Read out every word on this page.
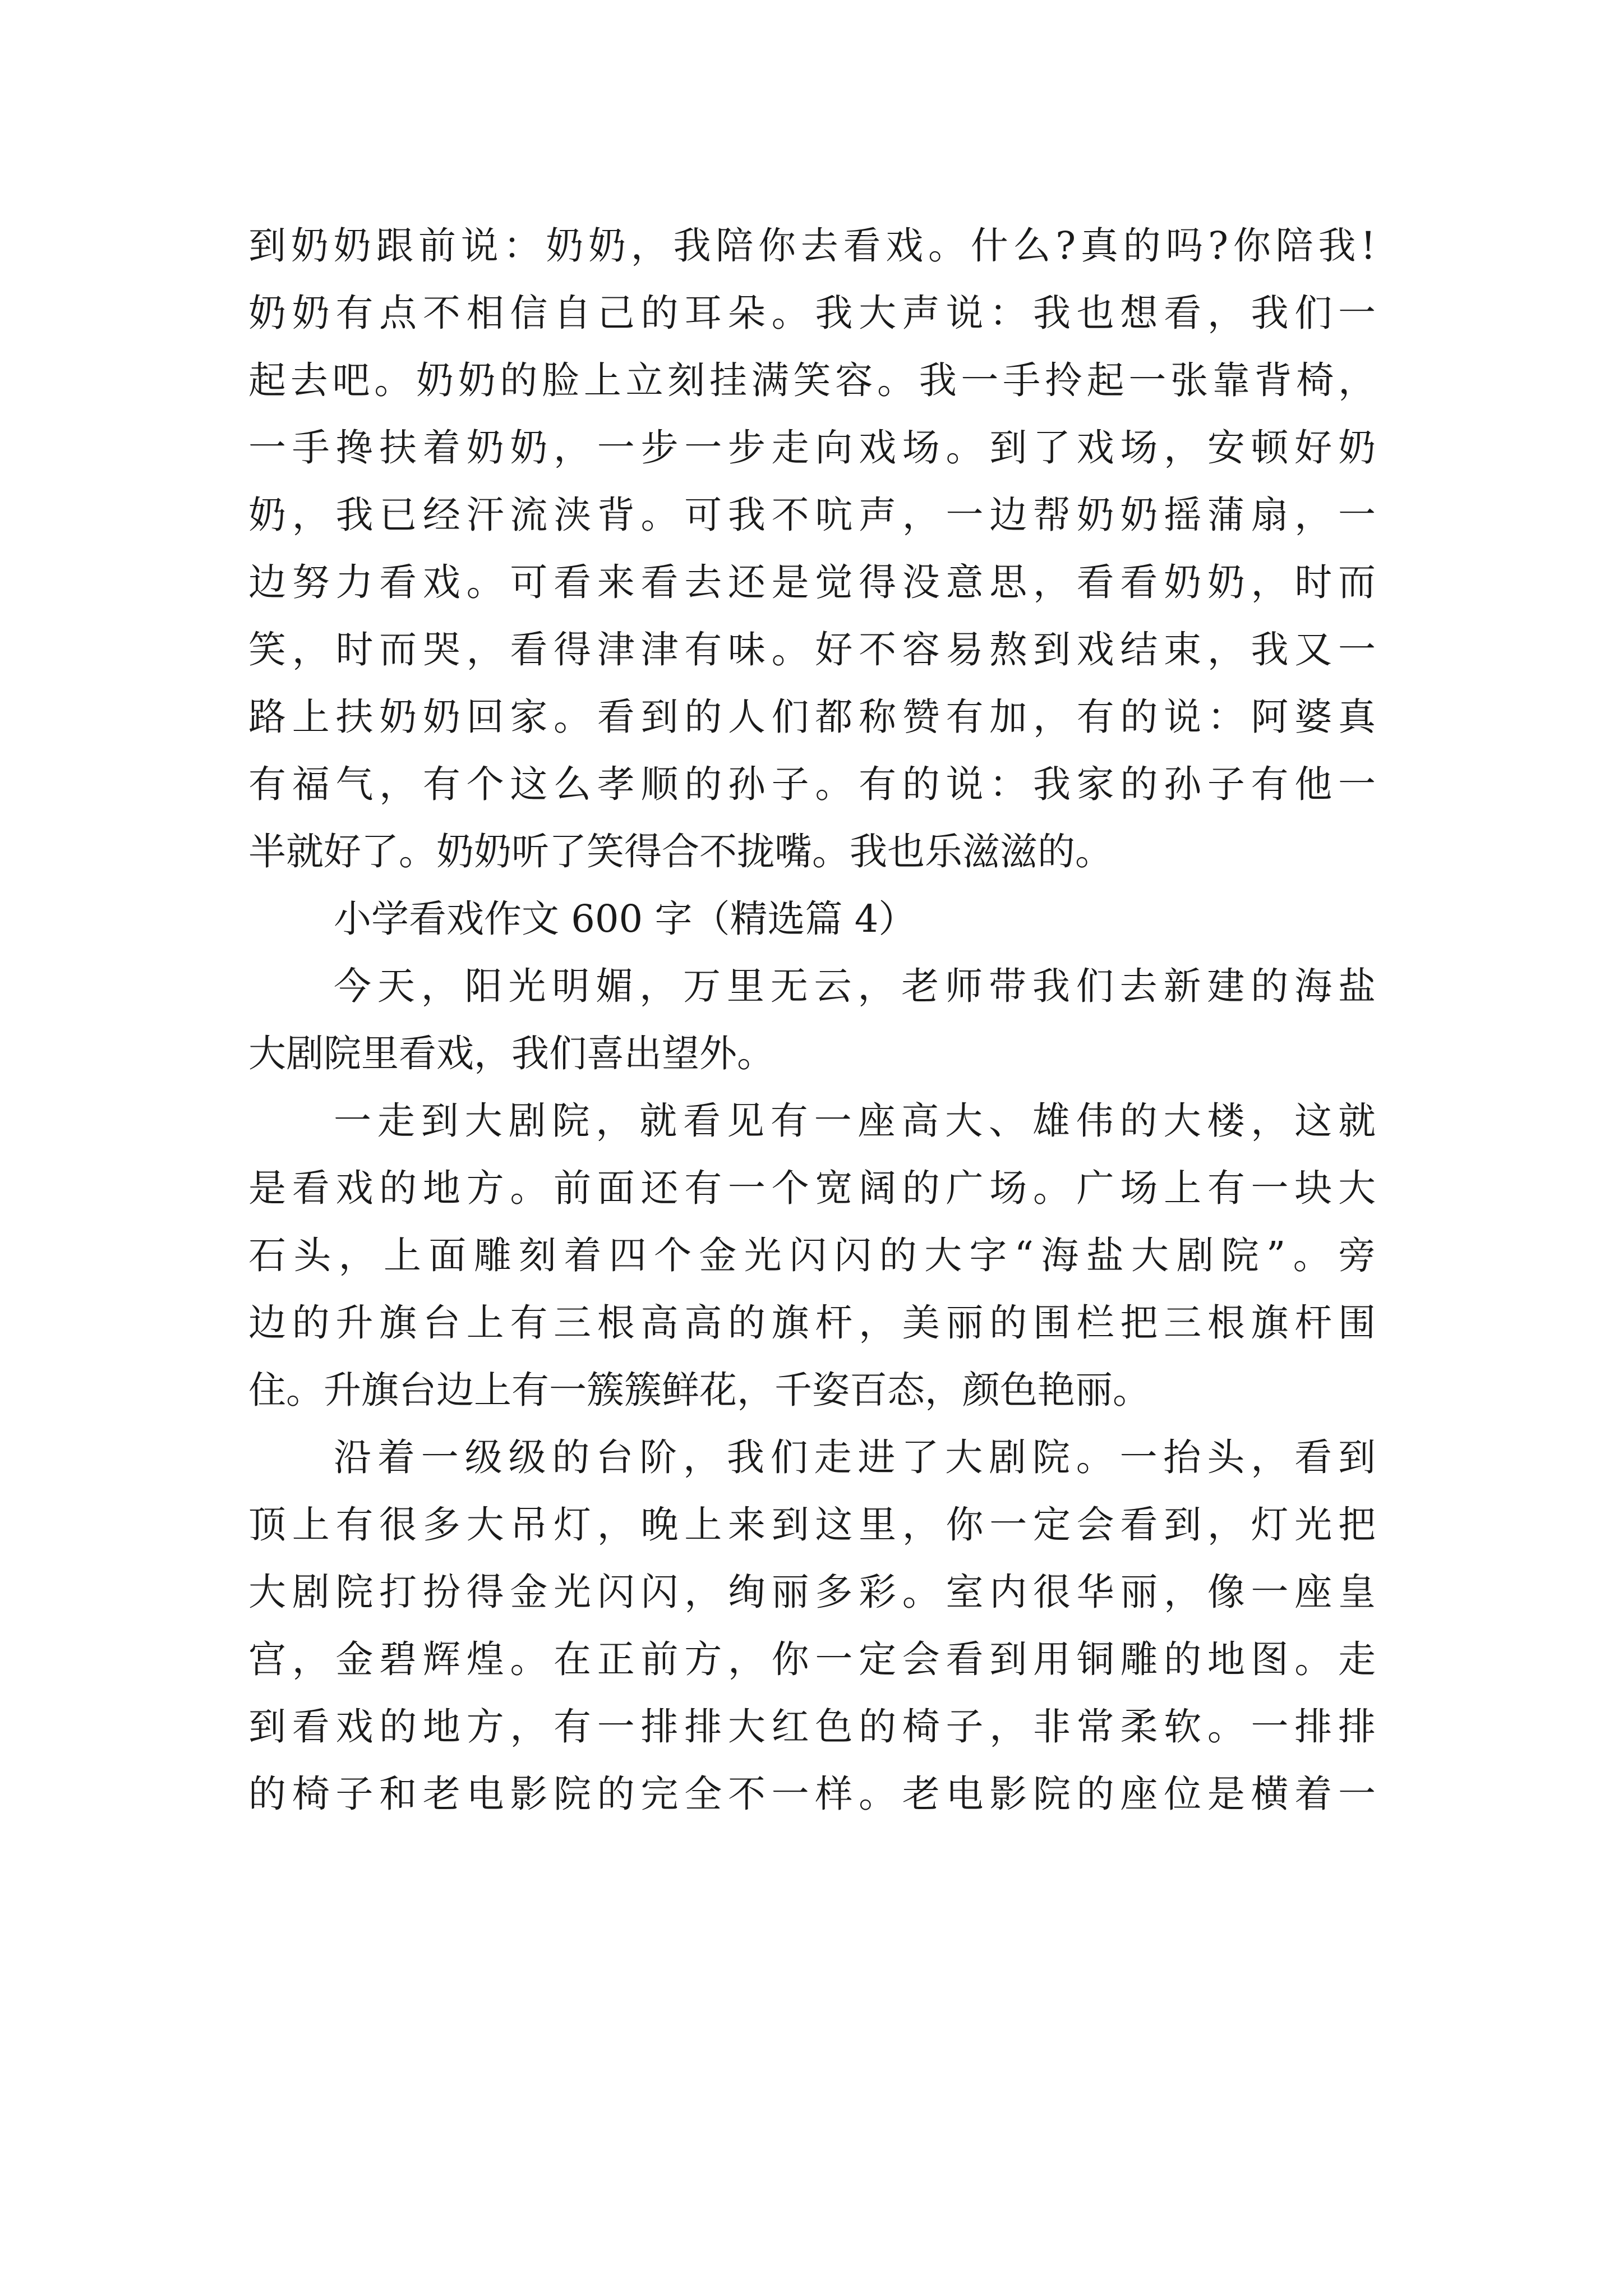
到奶奶跟前说：奶奶，我陪你去看戏。什么?真的吗?你陪我!
奶奶有点不相信自己的耳朵。我大声说：我也想看，我们一
起去吧。奶奶的脸上立刻挂满笑容。我一手拎起一张靠背椅，
一手搀扶着奶奶，一步一步走向戏场。到了戏场，安顿好奶
奶，我已经汗流浃背。可我不吭声，一边帮奶奶摇蒲扇，一
边努力看戏。可看来看去还是觉得没意思，看看奶奶，时而
笑，时而哭，看得津津有味。好不容易熬到戏结束，我又一
路上扶奶奶回家。看到的人们都称赞有加，有的说：阿婆真
有福气，有个这么孝顺的孙子。有的说：我家的孙子有他一
半就好了。奶奶听了笑得合不拢嘴。我也乐滋滋的。
小学看戏作文 600 字（精选篇 4）
今天，阳光明媚，万里无云，老师带我们去新建的海盐
大剧院里看戏，我们喜出望外。
一走到大剧院，就看见有一座高大、雄伟的大楼，这就
是看戏的地方。前面还有一个宽阔的广场。广场上有一块大
石头，上面雕刻着四个金光闪闪的大字“海盐大剧院”。旁
边的升旗台上有三根高高的旗杆，美丽的围栏把三根旗杆围
住。升旗台边上有一簇簇鲜花，千姿百态，颜色艳丽。
沿着一级级的台阶，我们走进了大剧院。一抬头，看到
顶上有很多大吊灯，晚上来到这里，你一定会看到，灯光把
大剧院打扮得金光闪闪，绚丽多彩。室内很华丽，像一座皇
宫，金碧辉煌。在正前方，你一定会看到用铜雕的地图。走
到看戏的地方，有一排排大红色的椅子，非常柔软。一排排
的椅子和老电影院的完全不一样。老电影院的座位是横着一
